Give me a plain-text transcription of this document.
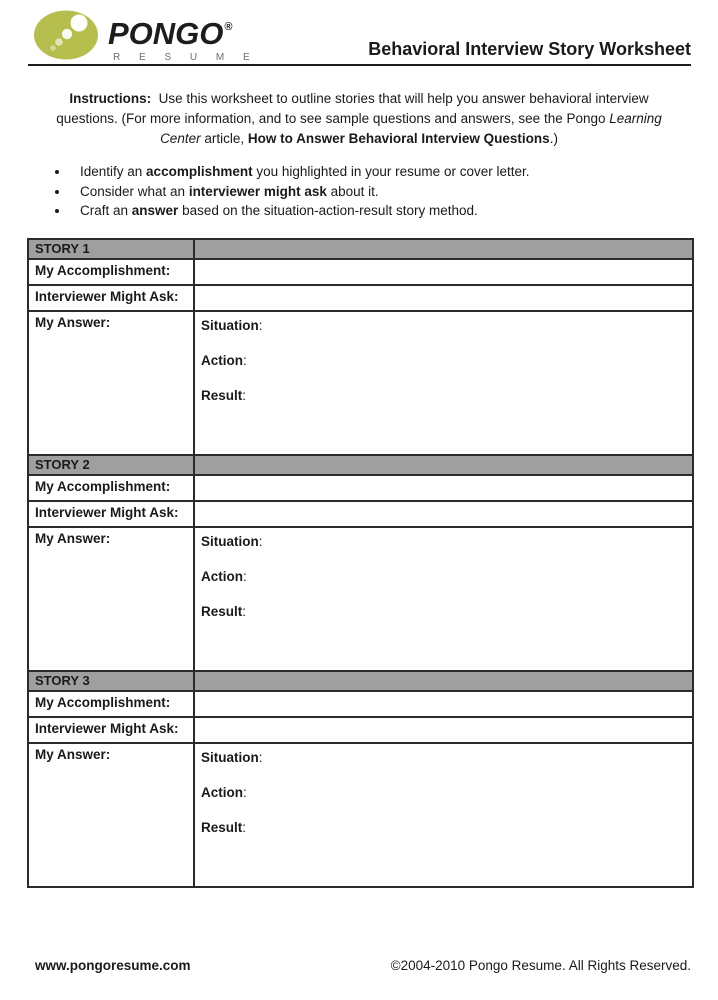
PONGO®
R E S U M E	Behavioral Interview Story Worksheet

Instructions:  Use this worksheet to outline stories that will help you answer behavioral interview questions. (For more information, and to see sample questions and answers, see the Pongo Learning Center article, How to Answer Behavioral Interview Questions.)

• Identify an accomplishment you highlighted in your resume or cover letter.
• Consider what an interviewer might ask about it.
• Craft an answer based on the situation-action-result story method.
STORY 1	
My Accomplishment:	
Interviewer Might Ask:	
My Answer:	Situation:
Action:
Result:

STORY 2	
My Accomplishment:	
Interviewer Might Ask:	
My Answer:	Situation:
Action:
Result:

STORY 3	
My Accomplishment:	
Interviewer Might Ask:	
My Answer:	Situation:
Action:
Result:
www.pongoresume.com	©2004-2010 Pongo Resume. All Rights Reserved.
